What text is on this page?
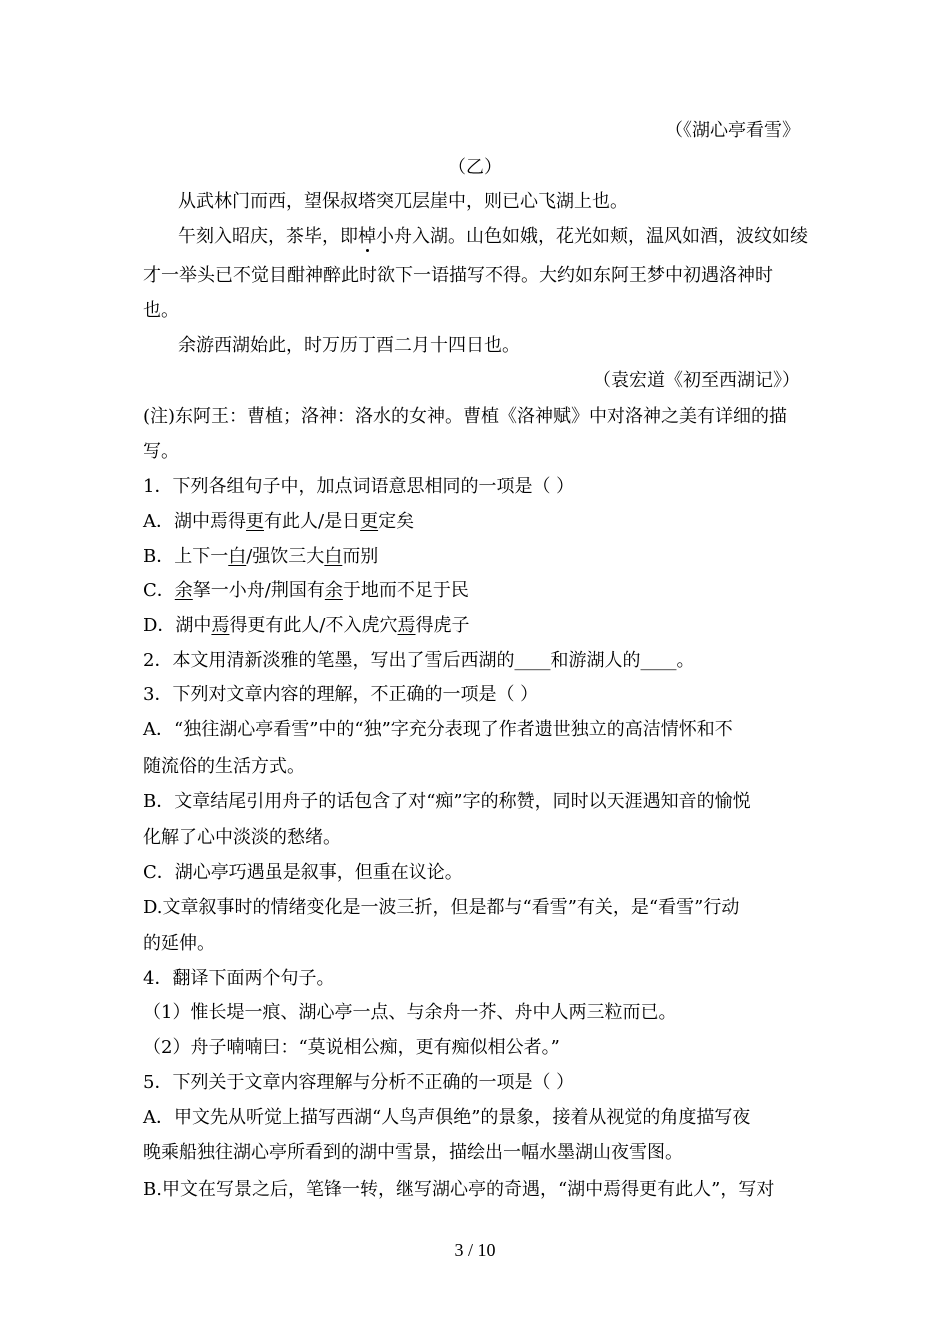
（《湖心亭看雪》
（乙）
从武林门而西，望保叔塔突兀层崖中，则已心飞湖上也。
午刻入昭庆，茶毕，即棹小舟入湖。山色如娥，花光如颊，温风如酒，波纹如绫
才一举头已不觉目酣神醉此时欲下一语描写不得。大约如东阿王梦中初遇洛神时
也。
余游西湖始此，时万历丁酉二月十四日也。
（袁宏道《初至西湖记》）
(注)东阿王：曹植；洛神：洛水的女神。曹植《洛神赋》中对洛神之美有详细的描
写。
1．下列各组句子中，加点词语意思相同的一项是（ ）
A．湖中焉得更有此人/是日更定矣
B．上下一白/强饮三大白而别
C．余拏一小舟/荆国有余于地而不足于民
D．湖中焉得更有此人/不入虎穴焉得虎子
2．本文用清新淡雅的笔墨，写出了雪后西湖的____和游湖人的____。
3．下列对文章内容的理解，不正确的一项是（ ）
A．“独往湖心亭看雪”中的“独”字充分表现了作者遗世独立的高洁情怀和不
随流俗的生活方式。
B．文章结尾引用舟子的话包含了对“痴”字的称赞，同时以天涯遇知音的愉悦
化解了心中淡淡的愁绪。
C．湖心亭巧遇虽是叙事，但重在议论。
D.文章叙事时的情绪变化是一波三折，但是都与“看雪”有关，是“看雪”行动
的延伸。
4．翻译下面两个句子。
（1）惟长堤一痕、湖心亭一点、与余舟一芥、舟中人两三粒而已。
（2）舟子喃喃曰：“莫说相公痴，更有痴似相公者。”
5．下列关于文章内容理解与分析不正确的一项是（ ）
A．甲文先从听觉上描写西湖“人鸟声俱绝”的景象，接着从视觉的角度描写夜
晚乘船独往湖心亭所看到的湖中雪景，描绘出一幅水墨湖山夜雪图。
B.甲文在写景之后，笔锋一转，继写湖心亭的奇遇，“湖中焉得更有此人”，写对
3 / 10
